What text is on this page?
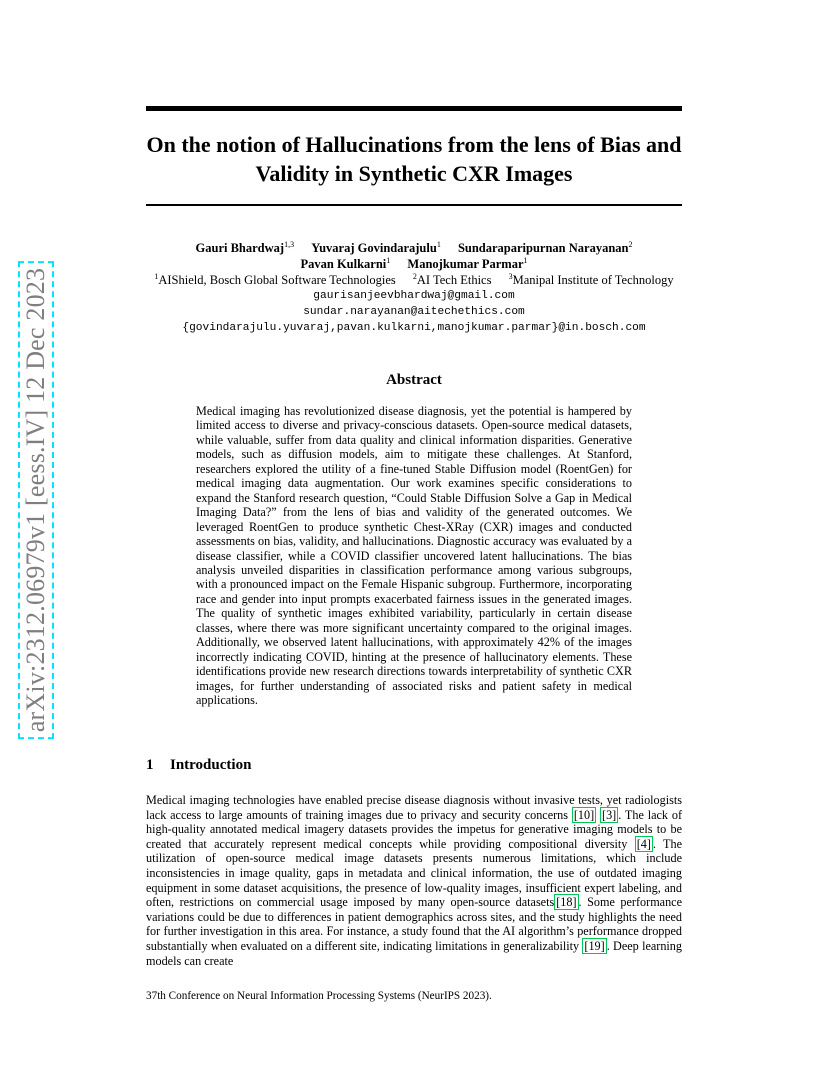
On the notion of Hallucinations from the lens of Bias and Validity in Synthetic CXR Images
Gauri Bhardwaj$^{1,3}$ Yuvaraj Govindarajulu$^1$ Sundaraparipurnan Narayanan$^2$
Pavan Kulkarni$^1$ Manojkumar Parmar$^1$
$^1$AIShield, Bosch Global Software Technologies $^2$AI Tech Ethics $^3$Manipal Institute of Technology
gaurisanjeevbhardwaj@gmail.com
sundar.narayanan@aitechethics.com
{govindarajulu.yuvaraj,pavan.kulkarni,manojkumar.parmar}@in.bosch.com
Abstract

Medical imaging has revolutionized disease diagnosis, yet the potential is hampered by limited access to diverse and privacy-conscious datasets. Open-source medical datasets, while valuable, suffer from data quality and clinical information disparities. Generative models, such as diffusion models, aim to mitigate these challenges. At Stanford, researchers explored the utility of a fine-tuned Stable Diffusion model (RoentGen) for medical imaging data augmentation. Our work examines specific considerations to expand the Stanford research question, “Could Stable Diffusion Solve a Gap in Medical Imaging Data?” from the lens of bias and validity of the generated outcomes. We leveraged RoentGen to produce synthetic Chest-XRay (CXR) images and conducted assessments on bias, validity, and hallucinations. Diagnostic accuracy was evaluated by a disease classifier, while a COVID classifier uncovered latent hallucinations. The bias analysis unveiled disparities in classification performance among various subgroups, with a pronounced impact on the Female Hispanic subgroup. Furthermore, incorporating race and gender into input prompts exacerbated fairness issues in the generated images. The quality of synthetic images exhibited variability, particularly in certain disease classes, where there was more significant uncertainty compared to the original images. Additionally, we observed latent hallucinations, with approximately 42% of the images incorrectly indicating COVID, hinting at the presence of hallucinatory elements. These identifications provide new research directions towards interpretability of synthetic CXR images, for further understanding of associated risks and patient safety in medical applications.

1 Introduction

Medical imaging technologies have enabled precise disease diagnosis without invasive tests, yet radiologists lack access to large amounts of training images due to privacy and security concerns [10] [3] . The lack of high-quality annotated medical imagery datasets provides the impetus for generative imaging models to be created that accurately represent medical concepts while providing compositional diversity [4] . The utilization of open-source medical image datasets presents numerous limitations, which include inconsistencies in image quality, gaps in metadata and clinical information, the use of outdated imaging equipment in some dataset acquisitions, the presence of low-quality images, insufficient expert labeling, and often, restrictions on commercial usage imposed by many open-source datasets [18] . Some performance variations could be due to differences in patient demographics across sites, and the study highlights the need for further investigation in this area. For instance, a study found that the AI algorithm’s performance dropped substantially when evaluated on a different site, indicating limitations in generalizability [19] . Deep learning models can create

37th Conference on Neural Information Processing Systems (NeurIPS 2023).

arXiv:2312.06979v1 [eess.IV] 12 Dec 2023
